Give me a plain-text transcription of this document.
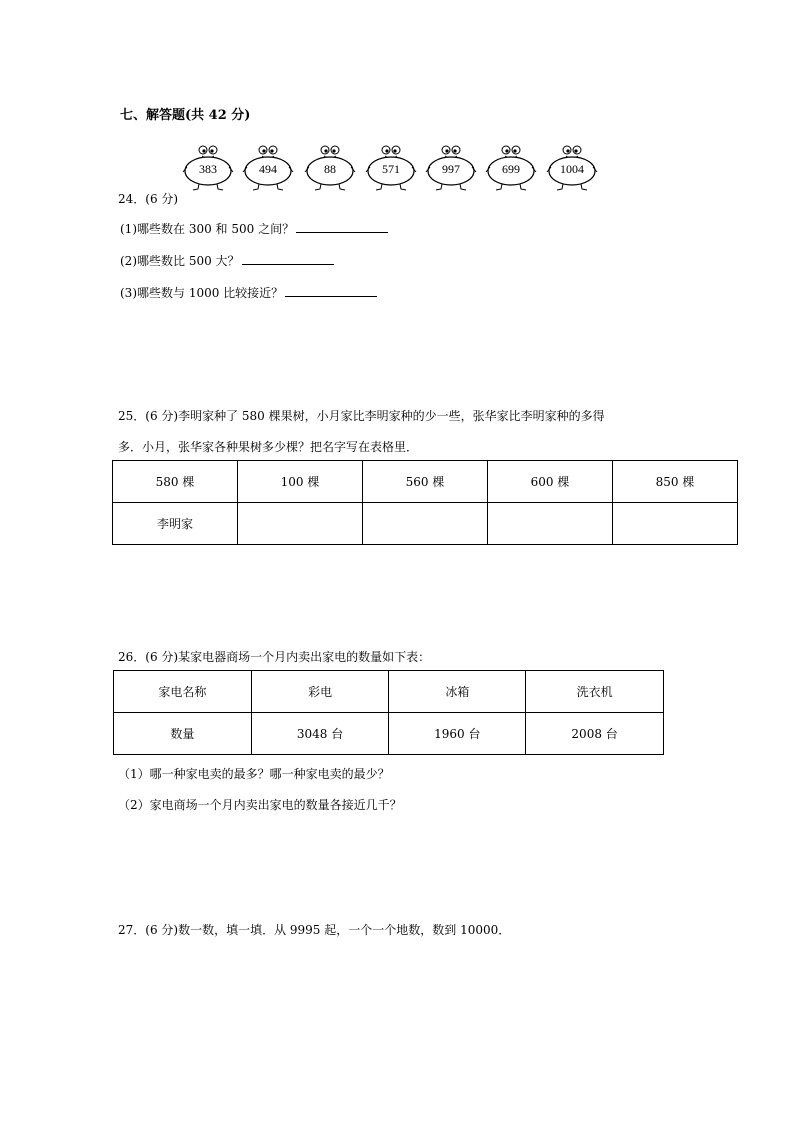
七、解答题(共 42 分)
383	494	88	571	997	699	1004
24．(6 分)
(1)哪些数在 300 和 500 之间？
(2)哪些数比 500 大？
(3)哪些数与 1000 比较接近？
25．(6 分)李明家种了 580 棵果树，小月家比李明家种的少一些，张华家比李明家种的多得
多．小月，张华家各种果树多少棵？把名字写在表格里．
580 棵	100 棵	560 棵	600 棵	850 棵
李明家				
26．(6 分)某家电器商场一个月内卖出家电的数量如下表：
家电名称	彩电	冰箱	洗衣机
数量	3048 台	1960 台	2008 台
（1）哪一种家电卖的最多？哪一种家电卖的最少？
（2）家电商场一个月内卖出家电的数量各接近几千？
27．(6 分)数一数，填一填．从 9995 起，一个一个地数，数到 10000．
